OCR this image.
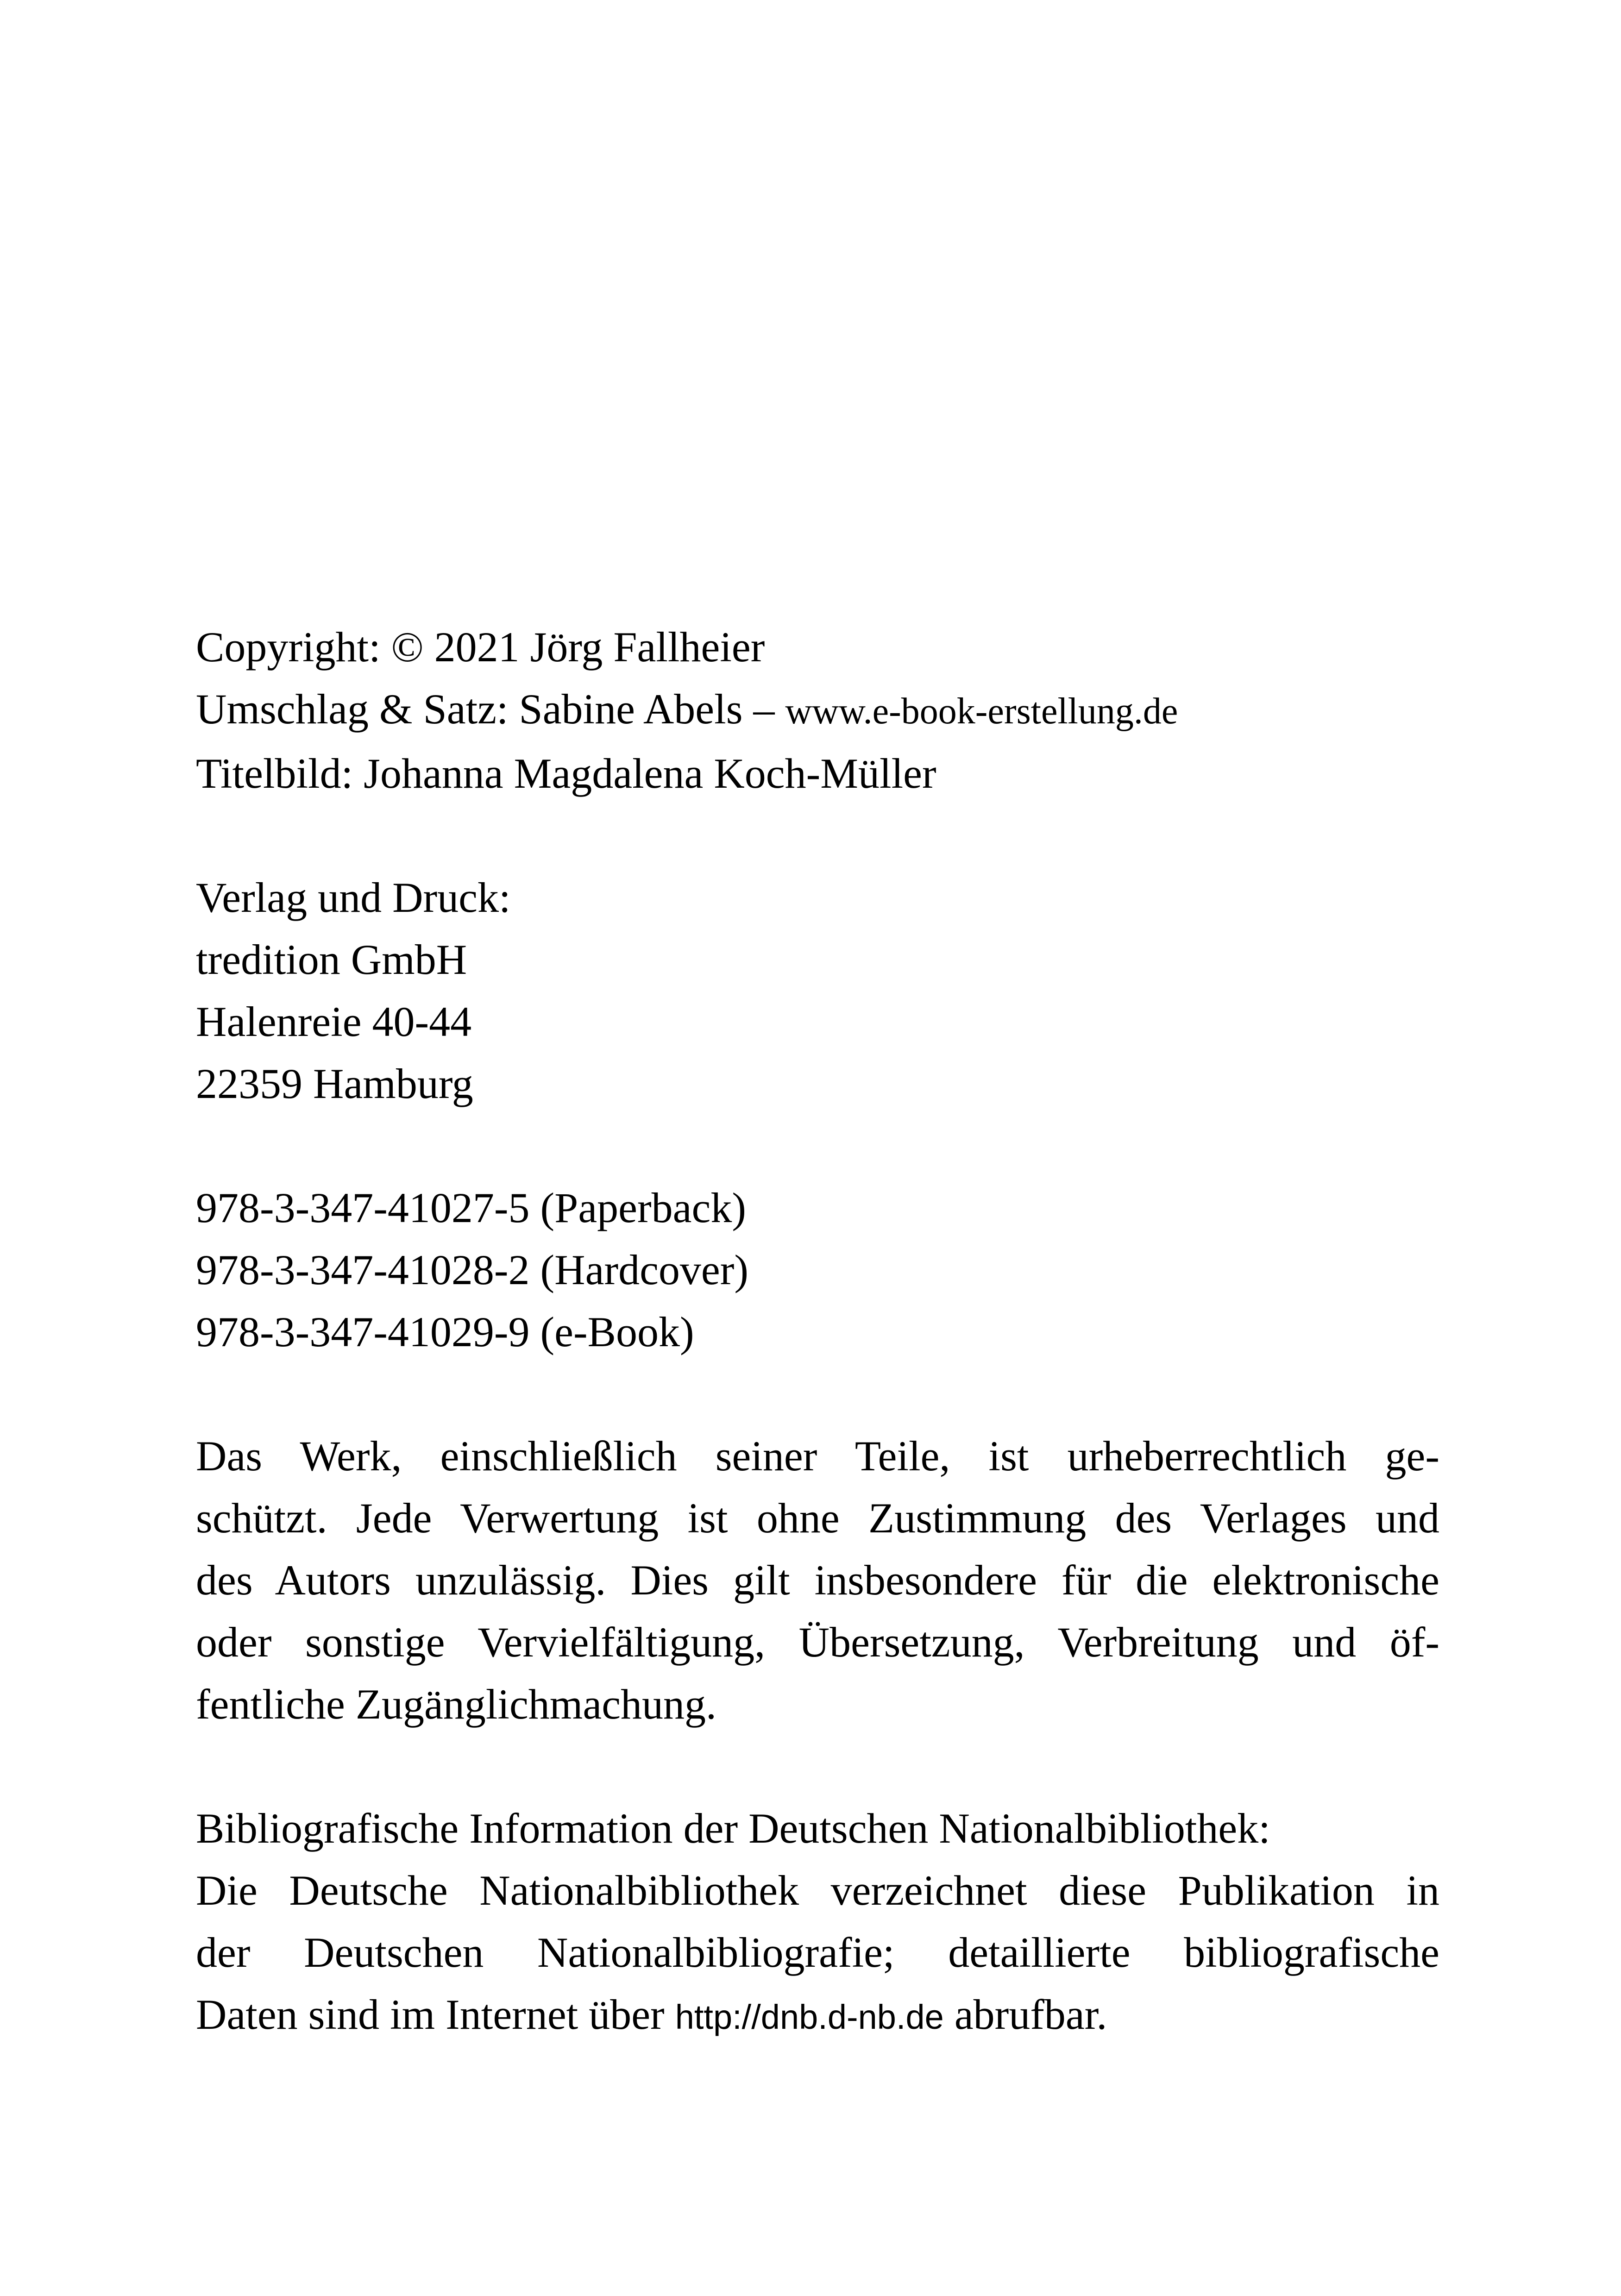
Copyright: © 2021 Jörg Fallheier
Umschlag & Satz: Sabine Abels – www.e-book-erstellung.de
Titelbild: Johanna Magdalena Koch-Müller
Verlag und Druck:
tredition GmbH
Halenreie 40-44
22359 Hamburg
978-3-347-41027-5 (Paperback)
978-3-347-41028-2 (Hardcover)
978-3-347-41029-9 (e-Book)
Das Werk, einschließlich seiner Teile, ist urheberrechtlich ge-
schützt. Jede Verwertung ist ohne Zustimmung des Verlages und
des Autors unzulässig. Dies gilt insbesondere für die elektronische
oder sonstige Vervielfältigung, Übersetzung, Verbreitung und öf-
fentliche Zugänglichmachung.
Bibliografische Information der Deutschen Nationalbibliothek:
Die Deutsche Nationalbibliothek verzeichnet diese Publikation in
der Deutschen Nationalbibliografie; detaillierte bibliografische
Daten sind im Internet über http://dnb.d-nb.de abrufbar.
